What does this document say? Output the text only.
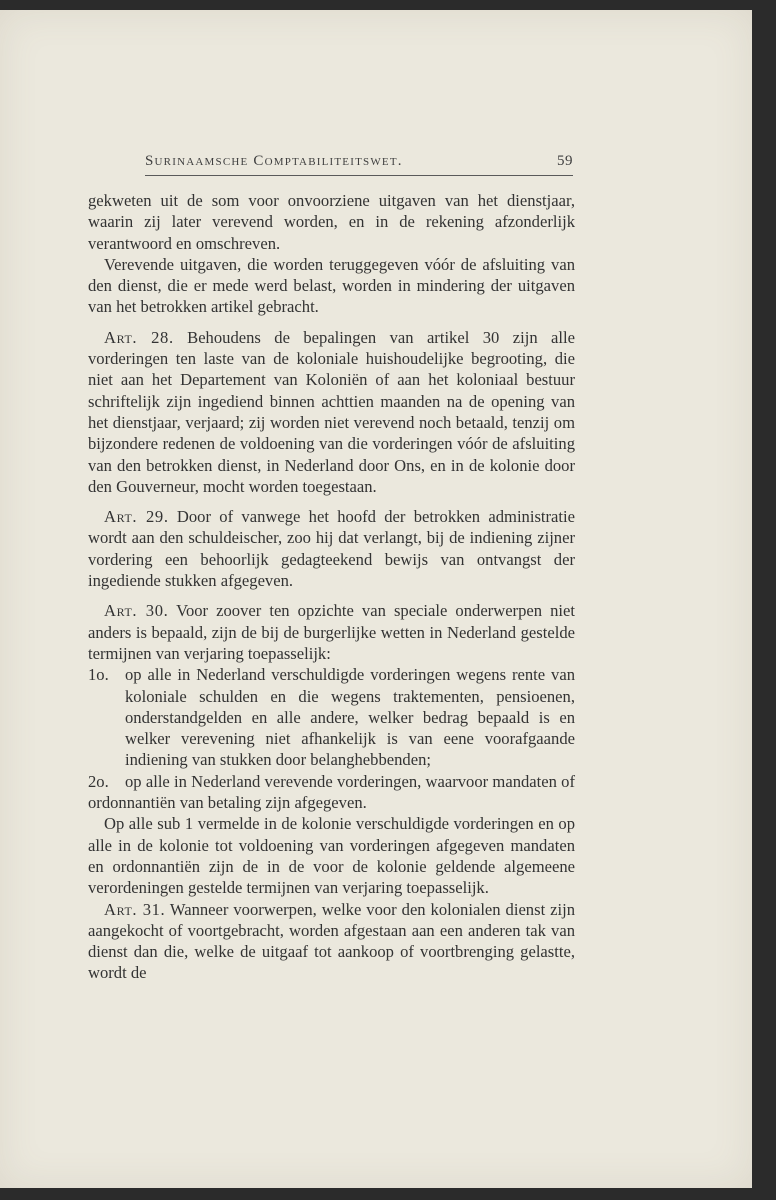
Surinaamsche Comptabiliteitswet.	59

gekweten uit de som voor onvoorziene uitgaven van het dienstjaar, waarin zij later verevend worden, en in de rekening afzonderlijk verantwoord en omschreven.

Verevende uitgaven, die worden teruggegeven vóór de afsluiting van den dienst, die er mede werd belast, worden in mindering der uitgaven van het betrokken artikel gebracht.

Art. 28. Behoudens de bepalingen van artikel 30 zijn alle vorderingen ten laste van de koloniale huishoudelijke begrooting, die niet aan het Departement van Koloniën of aan het koloniaal bestuur schriftelijk zijn ingediend binnen achttien maanden na de opening van het dienstjaar, verjaard; zij worden niet verevend noch betaald, tenzij om bijzondere redenen de voldoening van die vorderingen vóór de afsluiting van den betrokken dienst, in Nederland door Ons, en in de kolonie door den Gouverneur, mocht worden toegestaan.

Art. 29. Door of vanwege het hoofd der betrokken administratie wordt aan den schuldeischer, zoo hij dat verlangt, bij de indiening zijner vordering een behoorlijk gedagteekend bewijs van ontvangst der ingediende stukken afgegeven.

Art. 30. Voor zoover ten opzichte van speciale onderwerpen niet anders is bepaald, zijn de bij de burgerlijke wetten in Nederland gestelde termijnen van verjaring toepasselijk:

1o. op alle in Nederland verschuldigde vorderingen wegens rente van koloniale schulden en die wegens traktementen, pensioenen, onderstandgelden en alle andere, welker bedrag bepaald is en welker verevening niet afhankelijk is van eene voorafgaande indiening van stukken door belanghebbenden;

2o. op alle in Nederland verevende vorderingen, waarvoor mandaten of ordonnantiën van betaling zijn afgegeven.

Op alle sub 1 vermelde in de kolonie verschuldigde vorderingen en op alle in de kolonie tot voldoening van vorderingen afgegeven mandaten en ordonnantiën zijn de in de voor de kolonie geldende algemeene verordeningen gestelde termijnen van verjaring toepasselijk.

Art. 31. Wanneer voorwerpen, welke voor den kolonialen dienst zijn aangekocht of voortgebracht, worden afgestaan aan een anderen tak van dienst dan die, welke de uitgaaf tot aankoop of voortbrenging gelastte, wordt de
